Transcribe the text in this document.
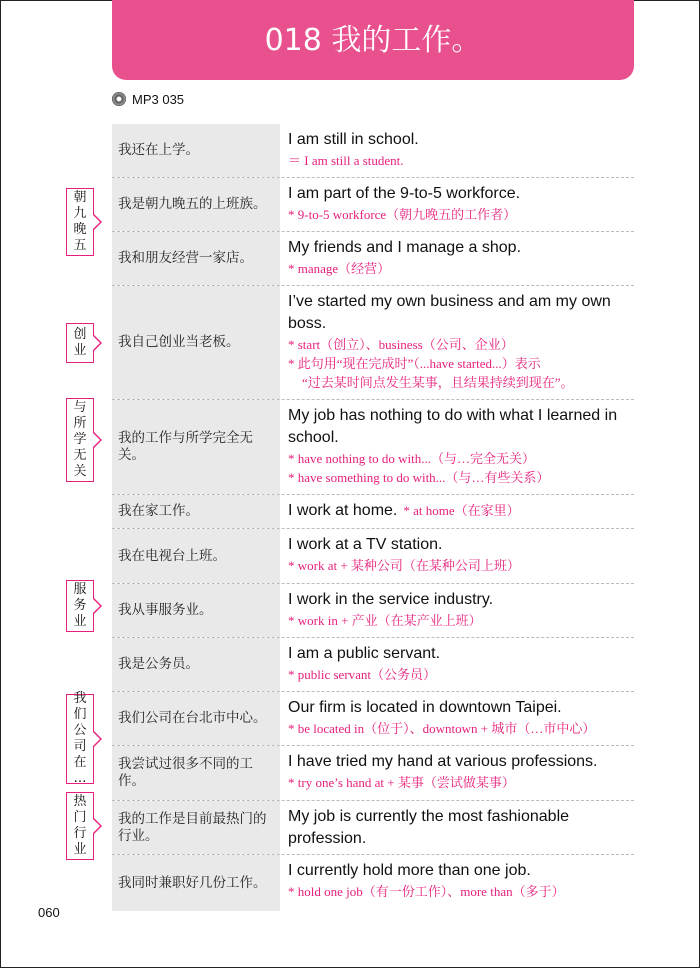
018 我的工作。
MP3 035
我还在上学。
I am still in school.
＝ I am still a student.
我是朝九晚五的上班族。
I am part of the 9-to-5 workforce.
* 9-to-5 workforce（朝九晚五的工作者）
我和朋友经营一家店。
My friends and I manage a shop.
* manage（经营）
我自己创业当老板。
I’ve started my own business and am my own boss.
* start（创立）、business（公司、企业）
* 此句用“现在完成时”（...have started...）表示
“过去某时间点发生某事，且结果持续到现在”。
我的工作与所学完全无关。
My job has nothing to do with what I learned in school.
* have nothing to do with...（与…完全无关）
* have something to do with...（与…有些关系）
我在家工作。	I work at home. * at home（在家里）
我在电视台上班。
I work at a TV station.
* work at + 某种公司（在某种公司上班）
我从事服务业。
I work in the service industry.
* work in + 产业（在某产业上班）
我是公务员。
I am a public servant.
* public servant（公务员）
我们公司在台北市中心。
Our firm is located in downtown Taipei.
* be located in（位于）、downtown + 城市（…市中心）
我尝试过很多不同的工作。
I have tried my hand at various professions.
* try one’s hand at + 某事（尝试做某事）
我的工作是目前最热门的行业。
My job is currently the most fashionable profession.
我同时兼职好几份工作。
I currently hold more than one job.
* hold one job（有一份工作）、more than（多于）
朝九晚五
创业
与所学无关
服务业
我们公司在…
热门行业
060
